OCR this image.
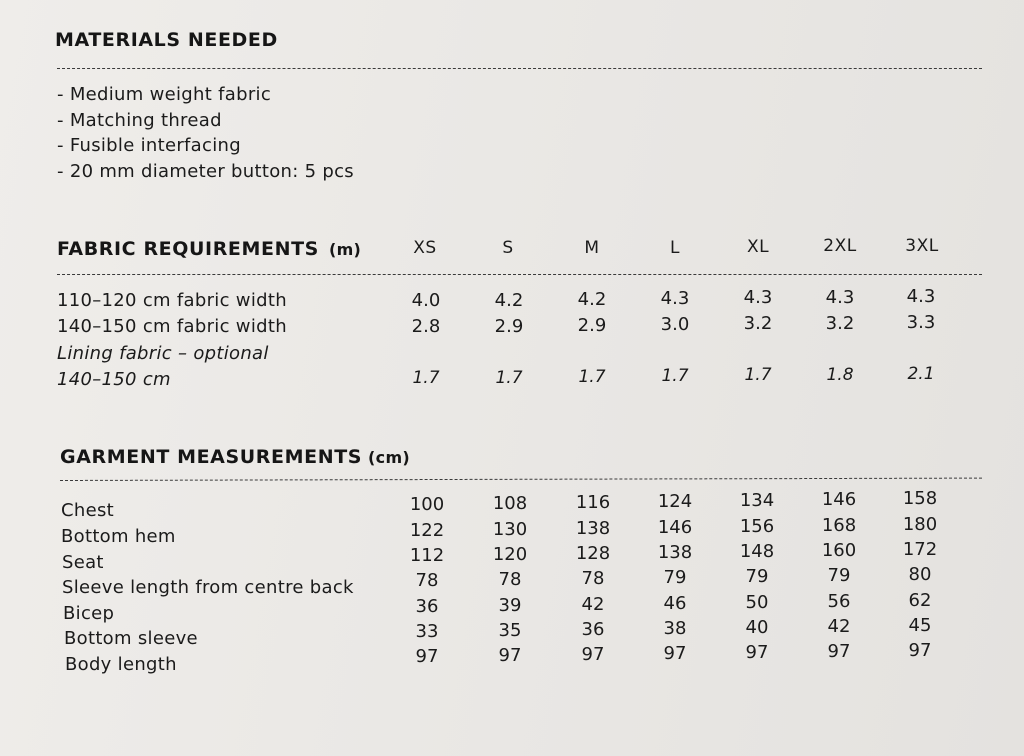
MATERIALS NEEDED
- Medium weight fabric
- Matching thread
- Fusible interfacing
- 20 mm diameter button: 5 pcs
FABRIC REQUIREMENTS (m)	XS	S	M	L	XL	2XL	3XL
110–120 cm fabric width	4.0	4.2	4.2	4.3	4.3	4.3	4.3
140–150 cm fabric width	2.8	2.9	2.9	3.0	3.2	3.2	3.3
Lining fabric – optional
140–150 cm	1.7	1.7	1.7	1.7	1.7	1.8	2.1
GARMENT MEASUREMENTS (cm)
Chest	100	108	116	124	134	146	158
Bottom hem	122	130	138	146	156	168	180
Seat	112	120	128	138	148	160	172
Sleeve length from centre back	78	78	78	79	79	79	80
Bicep	36	39	42	46	50	56	62
Bottom sleeve	33	35	36	38	40	42	45
Body length	97	97	97	97	97	97	97
